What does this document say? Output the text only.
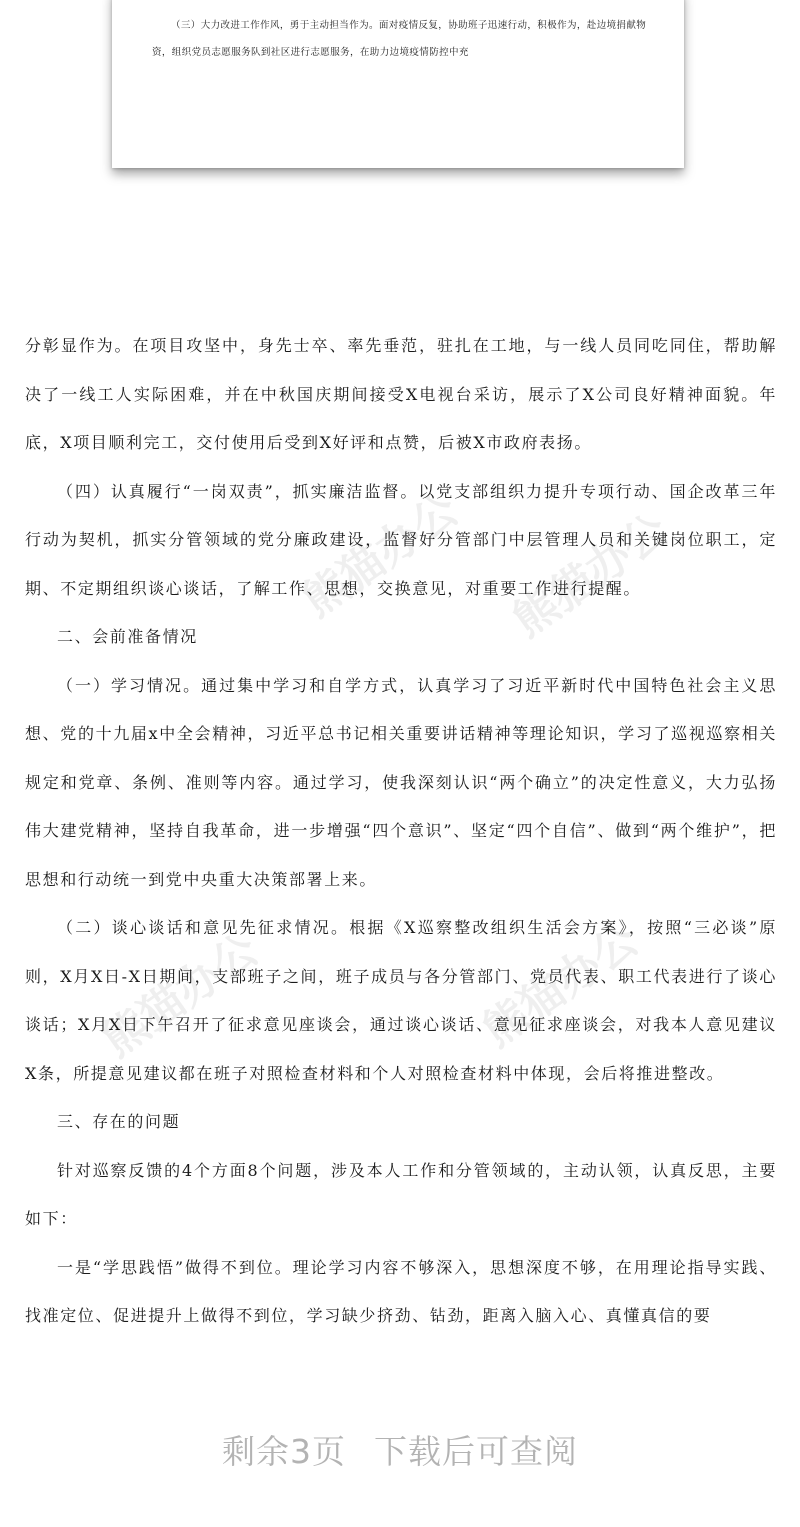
（三）大力改进工作作风，勇于主动担当作为。面对疫情反复，协助班子迅速行动，积极作为，赴边境捐献物资，组织党员志愿服务队到社区进行志愿服务，在助力边境疫情防控中充

熊猫办公 熊猫办公
熊猫办公	熊猫办公

分彰显作为。在项目攻坚中，身先士卒、率先垂范，驻扎在工地，与一线人员同吃同住，帮助解决了一线工人实际困难，并在中秋国庆期间接受X电视台采访，展示了X公司良好精神面貌。年底，X项目顺利完工，交付使用后受到X好评和点赞，后被X市政府表扬。

（四）认真履行“一岗双责”，抓实廉洁监督。以党支部组织力提升专项行动、国企改革三年行动为契机，抓实分管领域的党分廉政建设，监督好分管部门中层管理人员和关键岗位职工，定期、不定期组织谈心谈话，了解工作、思想，交换意见，对重要工作进行提醒。

二、会前准备情况

（一）学习情况。通过集中学习和自学方式，认真学习了习近平新时代中国特色社会主义思想、党的十九届x中全会精神，习近平总书记相关重要讲话精神等理论知识，学习了巡视巡察相关规定和党章、条例、准则等内容。通过学习，使我深刻认识“两个确立”的决定性意义，大力弘扬伟大建党精神，坚持自我革命，进一步增强“四个意识”、坚定“四个自信”、做到“两个维护”，把思想和行动统一到党中央重大决策部署上来。

（二）谈心谈话和意见先征求情况。根据《X巡察整改组织生活会方案》，按照“三必谈”原则，X月X日-X日期间，支部班子之间，班子成员与各分管部门、党员代表、职工代表进行了谈心谈话；X月X日下午召开了征求意见座谈会，通过谈心谈话、意见征求座谈会，对我本人意见建议X条，所提意见建议都在班子对照检查材料和个人对照检查材料中体现，会后将推进整改。

三、存在的问题

针对巡察反馈的4个方面8个问题，涉及本人工作和分管领域的，主动认领，认真反思，主要如下：

一是“学思践悟”做得不到位。理论学习内容不够深入，思想深度不够，在用理论指导实践、找准定位、促进提升上做得不到位，学习缺少挤劲、钻劲，距离入脑入心、真懂真信的要

剩余3页 下载后可查阅
